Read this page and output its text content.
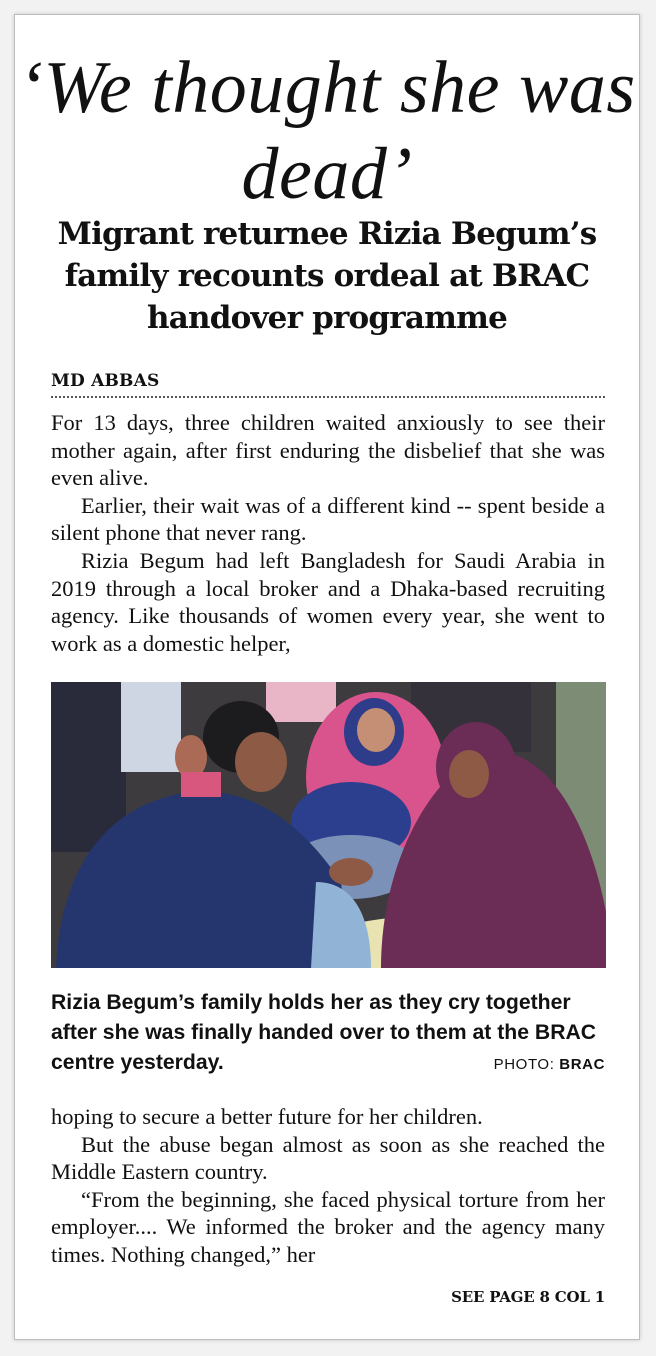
‘We thought she was dead’
Migrant returnee Rizia Begum’s family recounts ordeal at BRAC handover programme
MD ABBAS

For 13 days, three children waited anxiously to see their mother again, after first enduring the disbelief that she was even alive.

Earlier, their wait was of a different kind -- spent beside a silent phone that never rang.

Rizia Begum had left Bangladesh for Saudi Arabia in 2019 through a local broker and a Dhaka-based recruiting agency. Like thousands of women every year, she went to work as a domestic helper,

Rizia Begum’s family holds her as they cry together after she was finally handed over to them at the BRAC centre yesterday.	PHOTO: BRAC

hoping to secure a better future for her children.

But the abuse began almost as soon as she reached the Middle Eastern country.

“From the beginning, she faced physical torture from her employer.... We informed the broker and the agency many times. Nothing changed,” her

SEE PAGE 8 COL 1
